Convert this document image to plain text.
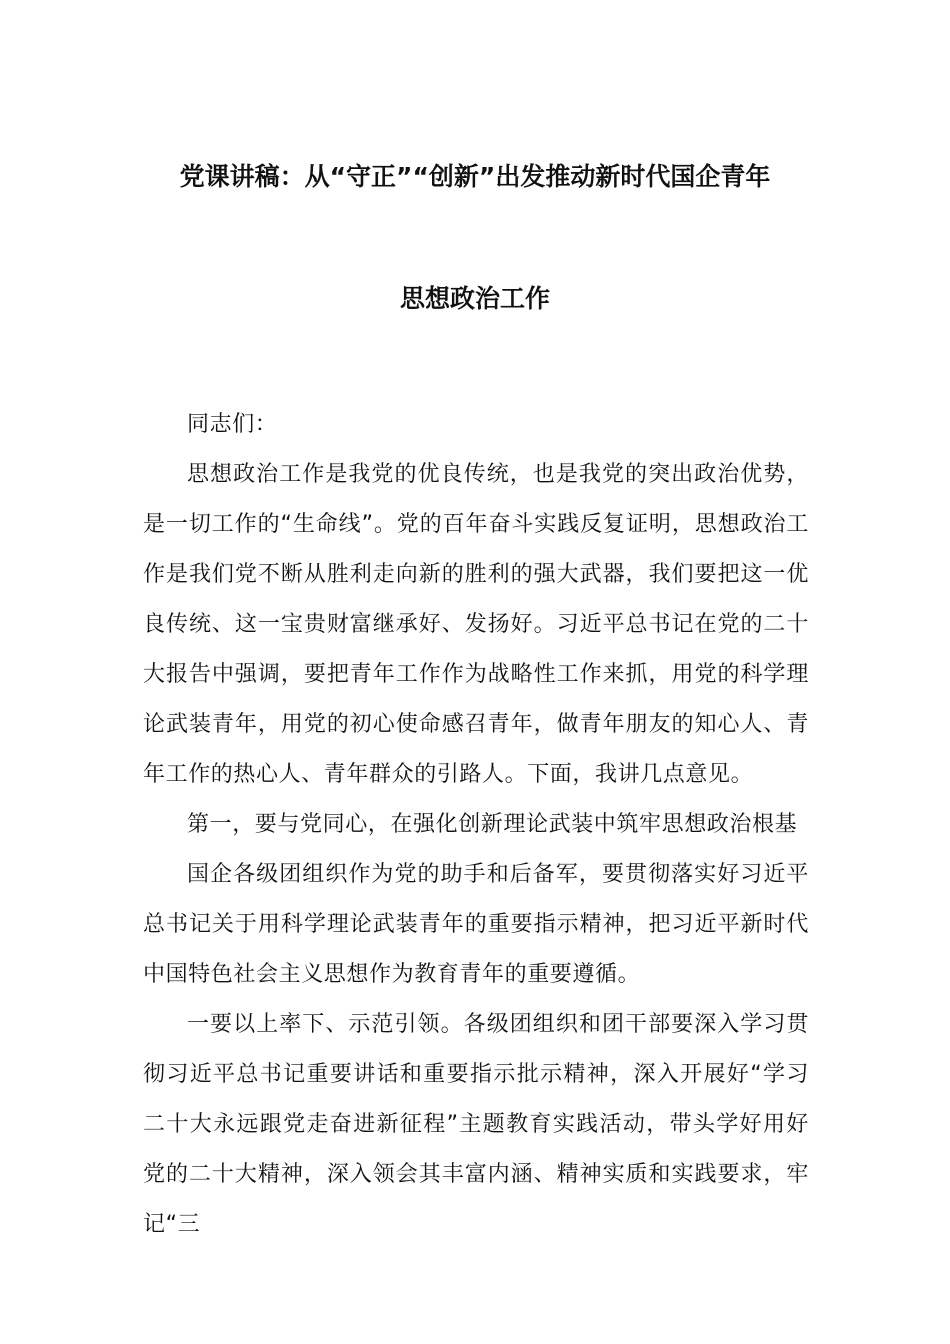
党课讲稿：从“守正”“创新”出发推动新时代国企青年
思想政治工作

同志们：

思想政治工作是我党的优良传统，也是我党的突出政治优势，是一切工作的“生命线”。党的百年奋斗实践反复证明，思想政治工作是我们党不断从胜利走向新的胜利的强大武器，我们要把这一优良传统、这一宝贵财富继承好、发扬好。习近平总书记在党的二十大报告中强调，要把青年工作作为战略性工作来抓，用党的科学理论武装青年，用党的初心使命感召青年，做青年朋友的知心人、青年工作的热心人、青年群众的引路人。下面，我讲几点意见。

第一，要与党同心，在强化创新理论武装中筑牢思想政治根基

国企各级团组织作为党的助手和后备军，要贯彻落实好习近平总书记关于用科学理论武装青年的重要指示精神，把习近平新时代中国特色社会主义思想作为教育青年的重要遵循。

一要以上率下、示范引领。各级团组织和团干部要深入学习贯彻习近平总书记重要讲话和重要指示批示精神，深入开展好“学习二十大永远跟党走奋进新征程”主题教育实践活动，带头学好用好党的二十大精神，深入领会其丰富内涵、精神实质和实践要求，牢记“三
